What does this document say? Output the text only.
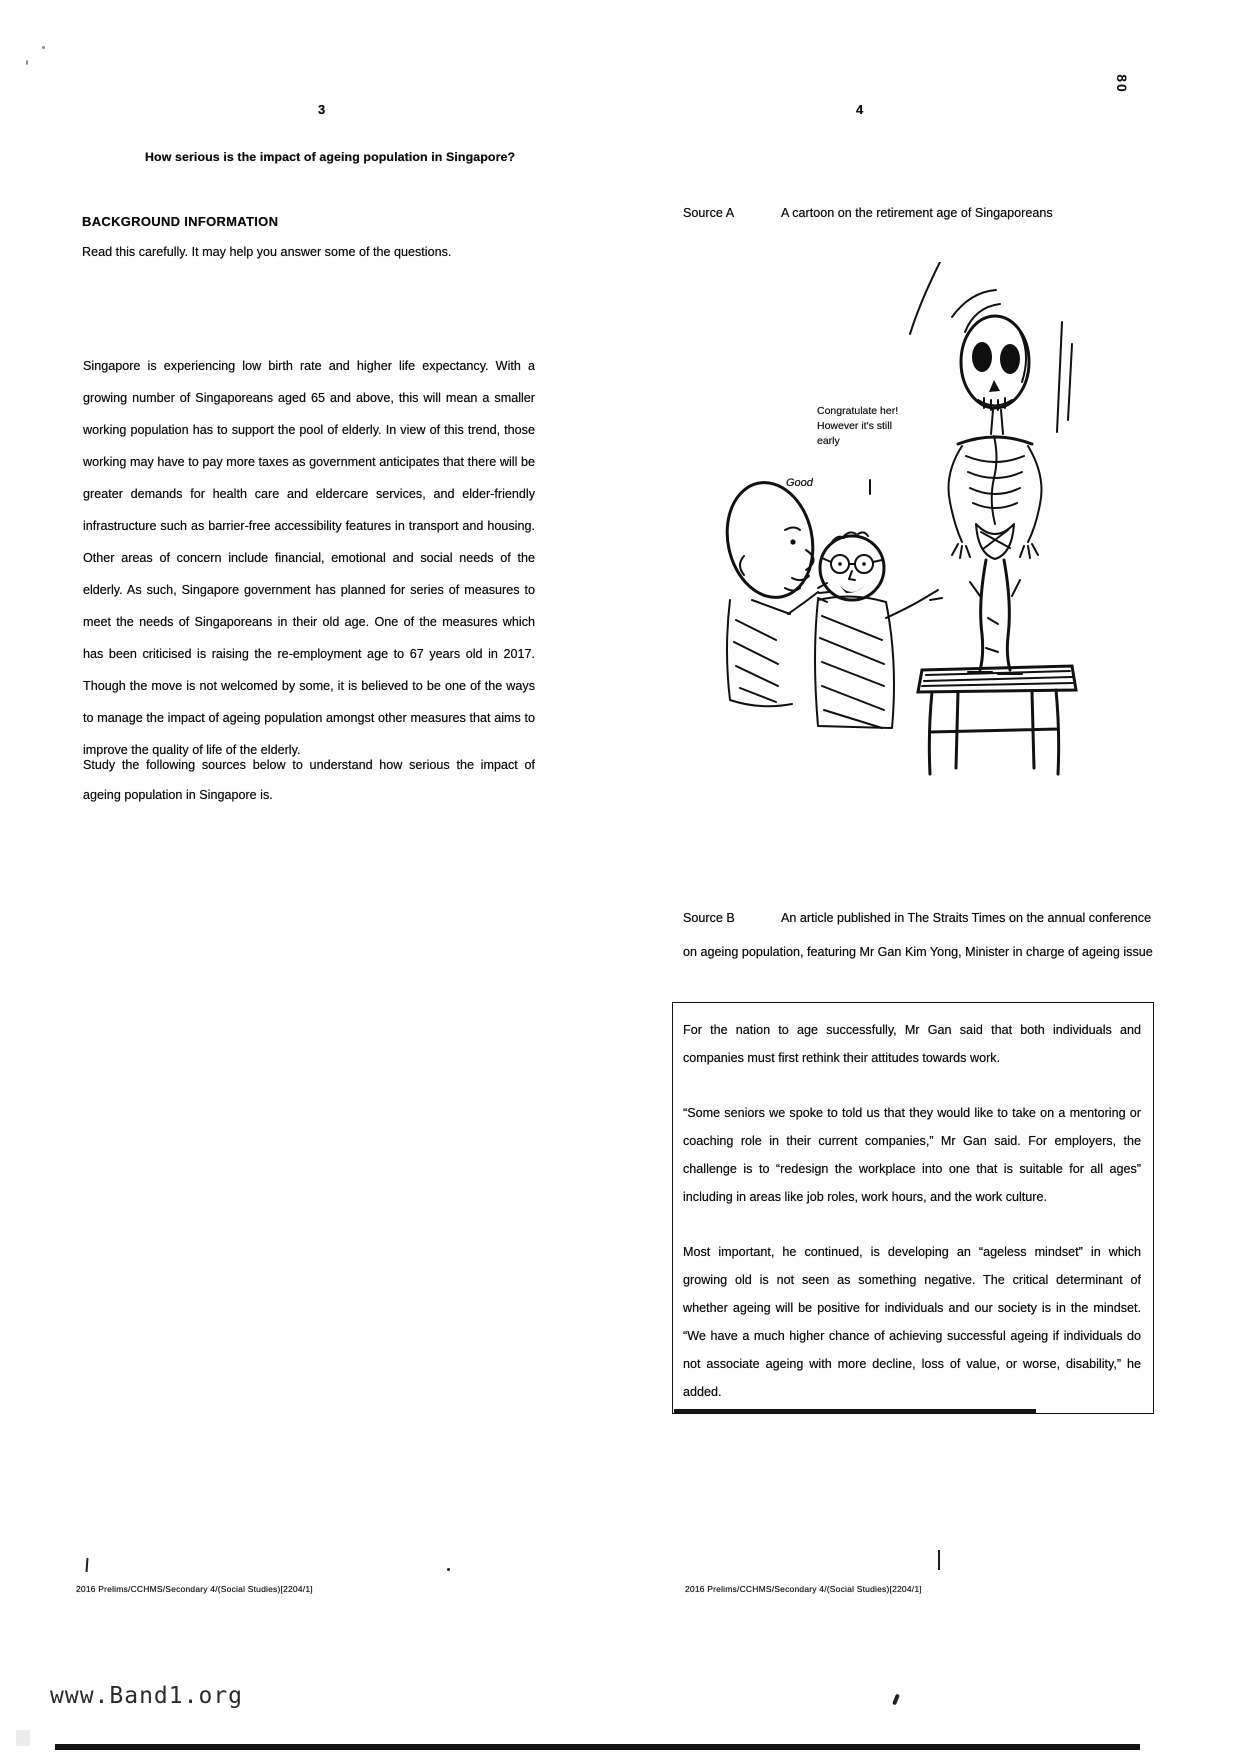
3	4
80
How serious is the impact of ageing population in Singapore?
BACKGROUND INFORMATION
Read this carefully. It may help you answer some of the questions.
Singapore is experiencing low birth rate and higher life expectancy. With a growing number of Singaporeans aged 65 and above, this will mean a smaller working population has to support the pool of elderly. In view of this trend, those working may have to pay more taxes as government anticipates that there will be greater demands for health care and eldercare services, and elder-friendly infrastructure such as barrier-free accessibility features in transport and housing. Other areas of concern include financial, emotional and social needs of the elderly. As such, Singapore government has planned for series of measures to meet the needs of Singaporeans in their old age. One of the measures which has been criticised is raising the re-employment age to 67 years old in 2017. Though the move is not welcomed by some, it is believed to be one of the ways to manage the impact of ageing population amongst other measures that aims to improve the quality of life of the elderly.
Study the following sources below to understand how serious the impact of ageing population in Singapore is.
Source A	A cartoon on the retirement age of Singaporeans
Congratulate her!
However it's still
early
Good
Source B	An article published in The Straits Times on the annual conference on ageing population, featuring Mr Gan Kim Yong, Minister in charge of ageing issue

For the nation to age successfully, Mr Gan said that both individuals and companies must first rethink their attitudes towards work.

“Some seniors we spoke to told us that they would like to take on a mentoring or coaching role in their current companies,” Mr Gan said. For employers, the challenge is to “redesign the workplace into one that is suitable for all ages” including in areas like job roles, work hours, and the work culture.

Most important, he continued, is developing an “ageless mindset” in which growing old is not seen as something negative. The critical determinant of whether ageing will be positive for individuals and our society is in the mindset. “We have a much higher chance of achieving successful ageing if individuals do not associate ageing with more decline, loss of value, or worse, disability,” he added.

2016 Prelims/CCHMS/Secondary 4/(Social Studies)[2204/1]	2016 Prelims/CCHMS/Secondary 4/(Social Studies)[2204/1]
www.Band1.org
